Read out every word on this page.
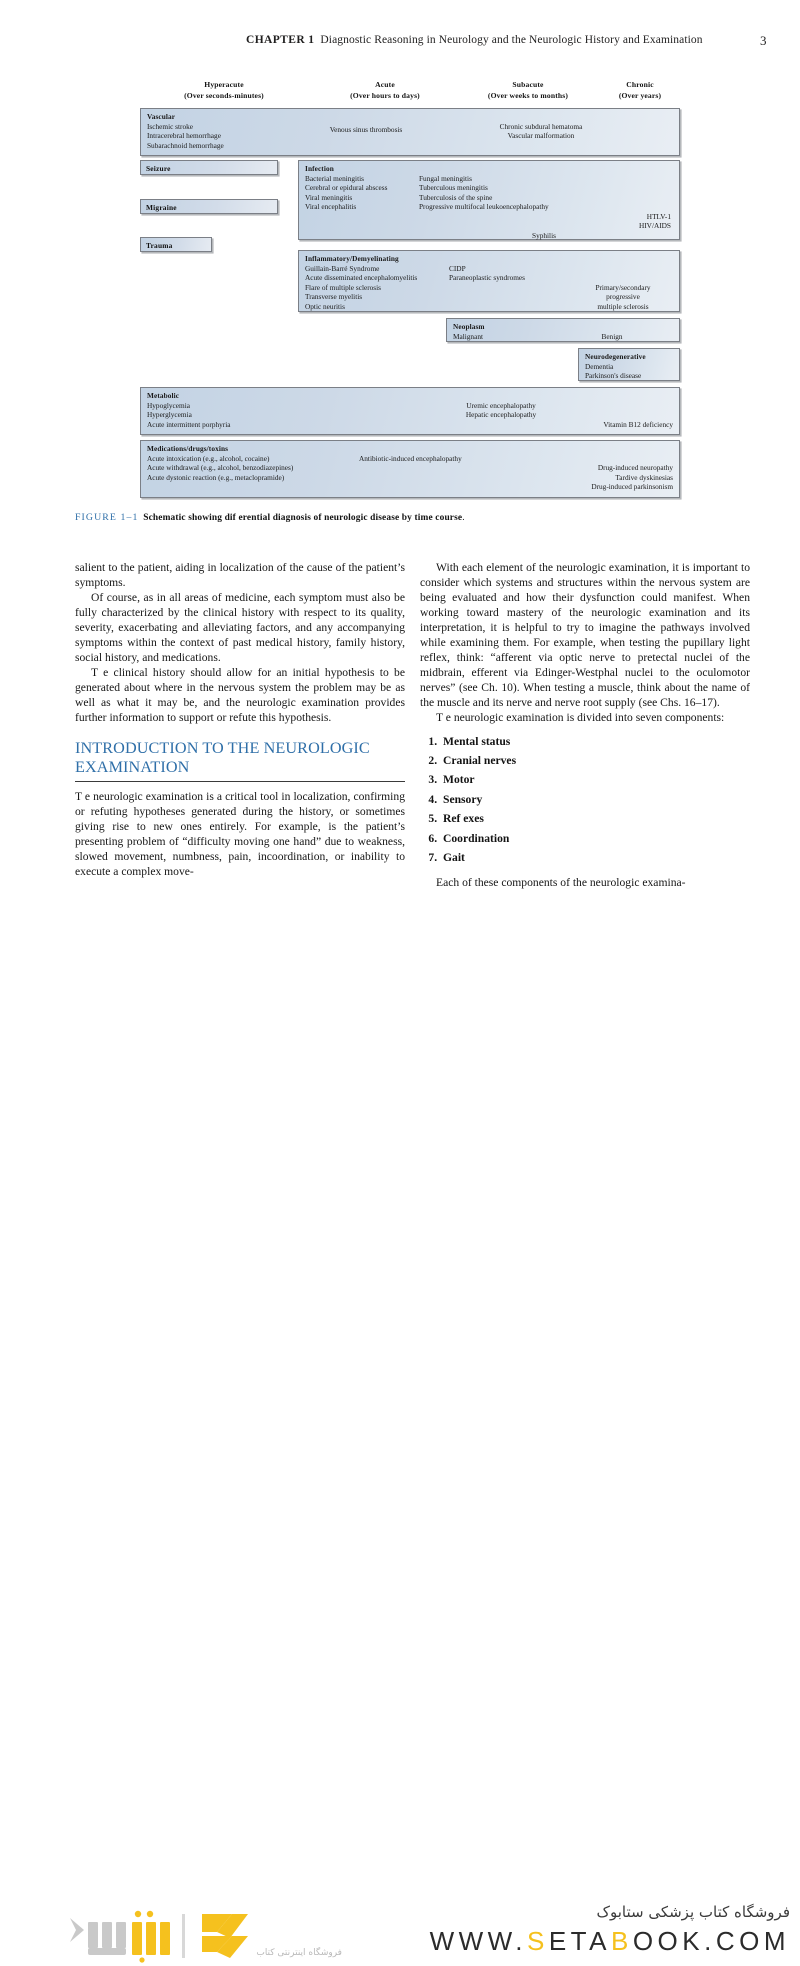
CHAPTER 1 Diagnostic Reasoning in Neurology and the Neurologic History and Examination	3
Hyperacute
(Over seconds-minutes)
Acute
(Over hours to days)
Subacute
(Over weeks to months)
Chronic
(Over years)
Vascular
Ischemic stroke
Intracerebral hemorrhage
Subarachnoid hemorrhage
Venous sinus thrombosis	Chronic subdural hematoma
Vascular malformation
Seizure
Migraine
Trauma
Infection
Bacterial meningitis
Cerebral or epidural abscess
Viral meningitis
Viral encephalitis
Fungal meningitis
Tuberculous meningitis
Tuberculosis of the spine
Progressive multifocal leukoencephalopathy
HTLV-1
HIV/AIDS
Syphilis
Inflammatory/Demyelinating
Guillain-Barré Syndrome
Acute disseminated encephalomyelitis
Flare of multiple sclerosis
Transverse myelitis
Optic neuritis
CIDP
Paraneoplastic syndromes
Primary/secondary
progressive
multiple sclerosis
Neoplasm
Malignant	Benign
Neurodegenerative
Dementia
Parkinson's disease
Metabolic
Hypoglycemia
Hyperglycemia
Acute intermittent porphyria
Uremic encephalopathy
Hepatic encephalopathy
Vitamin B12 deficiency
Medications/drugs/toxins
Acute intoxication (e.g., alcohol, cocaine)
Acute withdrawal (e.g., alcohol, benzodiazepines)
Acute dystonic reaction (e.g., metaclopramide)
Antibiotic-induced encephalopathy
Drug-induced neuropathy
Tardive dyskinesias
Drug-induced parkinsonism
FIGURE 1–1 Schematic showing dif erential diagnosis of neurologic disease by time course.

salient to the patient, aiding in localization of the cause of the patient’s symptoms.

Of course, as in all areas of medicine, each symptom must also be fully characterized by the clinical history with respect to its quality, severity, exacerbating and alleviating factors, and any accompanying symptoms within the context of past medical history, family history, social history, and medications.

T e clinical history should allow for an initial hypothesis to be generated about where in the nervous system the problem may be as well as what it may be, and the neurologic examination provides further information to support or refute this hypothesis.

INTRODUCTION TO THE NEUROLOGIC EXAMINATION

T e neurologic examination is a critical tool in localization, confirming or refuting hypotheses generated during the history, or sometimes giving rise to new ones entirely. For example, is the patient’s presenting problem of “difficulty moving one hand” due to weakness, slowed movement, numbness, pain, incoordination, or inability to execute a complex move-

With each element of the neurologic examination, it is important to consider which systems and structures within the nervous system are being evaluated and how their dysfunction could manifest. When working toward mastery of the neurologic examination and its interpretation, it is helpful to try to imagine the pathways involved while examining them. For example, when testing the pupillary light reflex, think: “afferent via optic nerve to pretectal nuclei of the midbrain, efferent via Edinger-Westphal nuclei to the oculomotor nerves” (see Ch. 10). When testing a muscle, think about the name of the muscle and its nerve and nerve root supply (see Chs. 16–17).

T e neurologic examination is divided into seven components:

1. Mental status
2. Cranial nerves
3. Motor
4. Sensory
5. Ref exes
6. Coordination
7. Gait

Each of these components of the neurologic examina-

فروشگاه کتاب پزشکی ستابوک
WWW.SETABOOK.COM
فروشگاه اینترنتی کتاب
